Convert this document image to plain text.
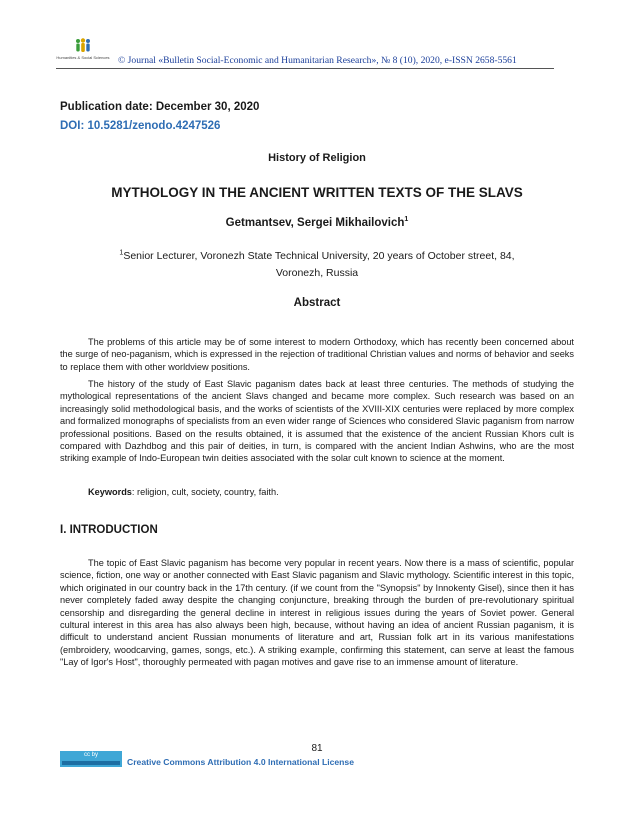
Humanities & Social Sciences © Journal «Bulletin Social-Economic and Humanitarian Research», № 8 (10), 2020, e-ISSN 2658-5561
Publication date: December 30, 2020
DOI: 10.5281/zenodo.4247526
History of Religion
MYTHOLOGY IN THE ANCIENT WRITTEN TEXTS OF THE SLAVS
Getmantsev, Sergei Mikhailovich$^1$
$^1$Senior Lecturer, Voronezh State Technical University, 20 years of October street, 84, Voronezh, Russia
Abstract

The problems of this article may be of some interest to modern Orthodoxy, which has recently been concerned about the surge of neo-paganism, which is expressed in the rejection of traditional Christian values and norms of behavior and seeks to replace them with other worldview positions.

The history of the study of East Slavic paganism dates back at least three centuries. The methods of studying the mythological representations of the ancient Slavs changed and became more complex. Such research was based on an increasingly solid methodological basis, and the works of scientists of the XVIII-XIX centuries were replaced by more complex and formalized monographs of specialists from an even wider range of Sciences who considered Slavic paganism from narrow professional positions. Based on the results obtained, it is assumed that the existence of the ancient Russian Khors cult is compared with Dazhdbog and this pair of deities, in turn, is compared with the ancient Indian Ashwins, who are the most striking example of Indo-European twin deities associated with the solar cult known to science at the moment.

Keywords: religion, cult, society, country, faith.
I. INTRODUCTION

The topic of East Slavic paganism has become very popular in recent years. Now there is a mass of scientific, popular science, fiction, one way or another connected with East Slavic paganism and Slavic mythology. Scientific interest in this topic, which originated in our country back in the 17th century. (if we count from the "Synopsis" by Innokenty Gisel), since then it has never completely faded away despite the changing conjuncture, breaking through the burden of pre-revolutionary spiritual censorship and disregarding the general decline in interest in religious issues during the years of Soviet power. General cultural interest in this area has also always been high, because, without having an idea of ancient Russian paganism, it is difficult to understand ancient Russian monuments of literature and art, Russian folk art in its various manifestations (embroidery, woodcarving, games, songs, etc.). A striking example, confirming this statement, can serve at least the famous "Lay of Igor's Host", thoroughly permeated with pagan motives and gave rise to an immense amount of literature.

81
cc by
Creative Commons Attribution 4.0 International License
